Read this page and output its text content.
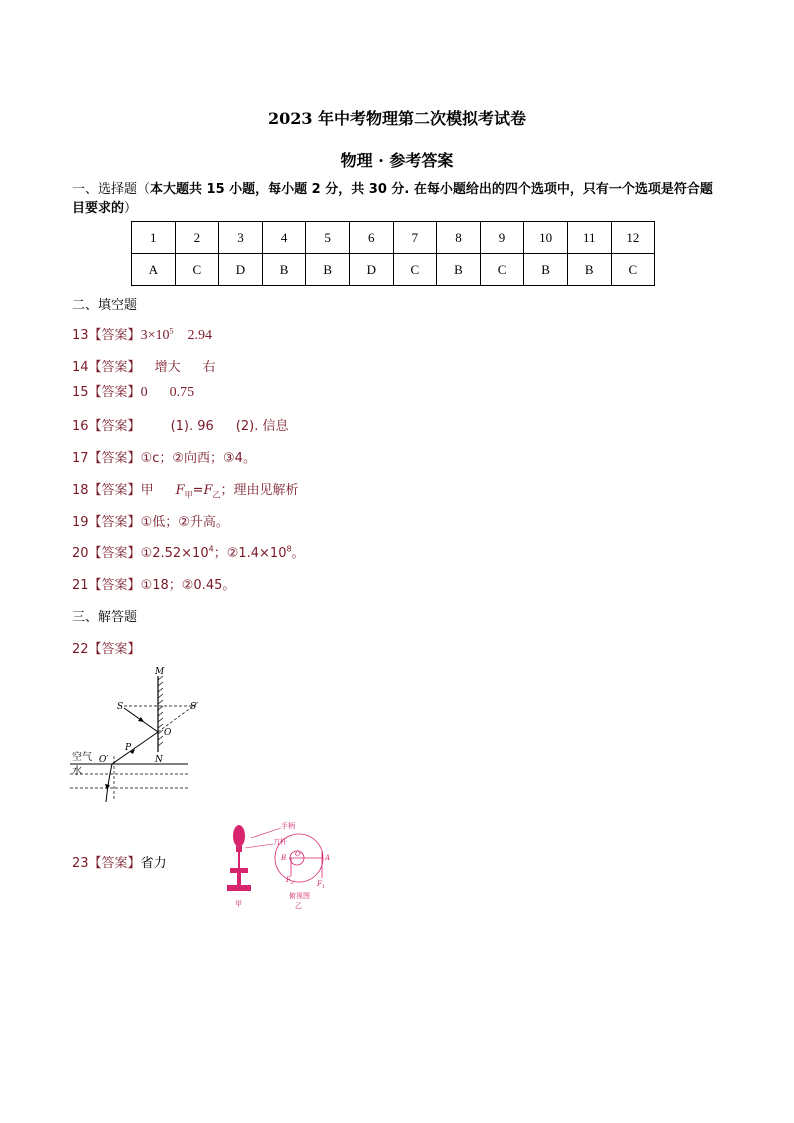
2023 年中考物理第二次模拟考试卷
物理 · 参考答案
一、选择题（本大题共 15 小题，每小题 2 分，共 30 分. 在每小题给出的四个选项中，只有一个选项是符合题目要求的）
1	2	3	4	5	6	7	8	9	10	11	12
A	C	D	B	B	D	C	B	C	B	B	C
二、填空题
13【答案】$3\times 10^5$ 2.94
14【答案】 增大 右
15【答案】0 0.75
16【答案】 (1). 96 (2). 信息
17【答案】①c；②向西；③4。
18【答案】甲 $F_甲=F_乙$；理由见解析
19【答案】①低；②升高。
20【答案】$①2.52\times 10^4$；$②1.4\times 10^8$。
21【答案】①18；②0.45。
三、解答题
22【答案】
M
N
S	S′
O
P
O′
空气
水
23【答案】省力
手柄
刀杆
B	A
O
$F_2$	$F_1$
俯视图
乙
甲
